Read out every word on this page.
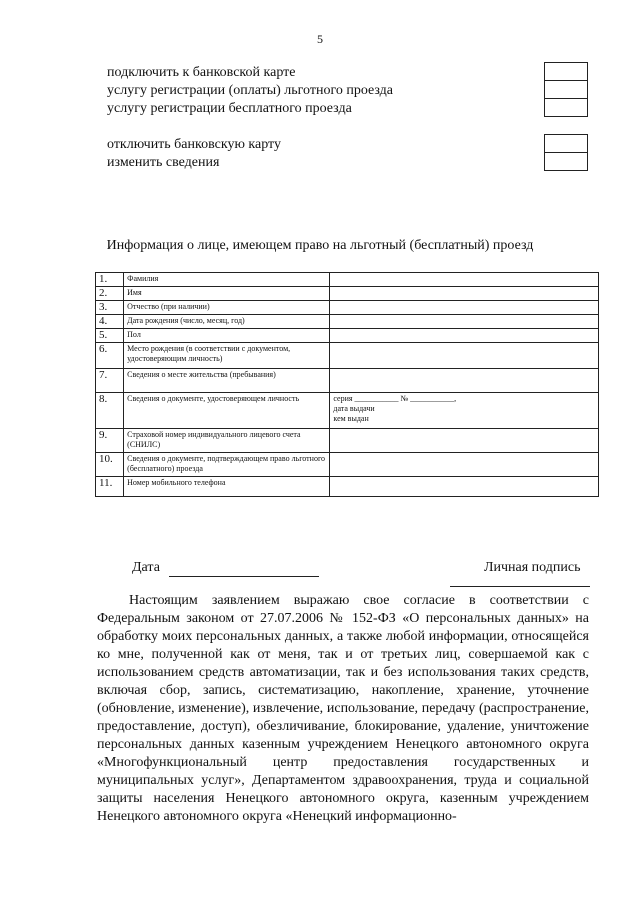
5
подключить к банковской карте
услугу регистрации (оплаты) льготного проезда
услугу регистрации бесплатного проезда
отключить банковскую карту
изменить сведения
Информация о лице, имеющем право на льготный (бесплатный) проезд
1.	Фамилия	
2.	Имя	
3.	Отчество (при наличии)	
4.	Дата рождения (число, месяц, год)	
5.	Пол	
6.	Место рождения (в соответствии с документом, удостоверяющим личность)	
7.	Сведения о месте жительства (пребывания)	
8.	Сведения о документе, удостоверяющем личность	серия ___________ № ___________,
дата выдачи
кем выдан

9.	Страховой номер индивидуального лицевого счета (СНИЛС)	
10.	Сведения о документе, подтверждающем право льготного (бесплатного) проезда	
11.	Номер мобильного телефона	
Дата	Личная подпись

Настоящим заявлением выражаю свое согласие в соответствии с Федеральным законом от 27.07.2006 № 152-ФЗ «О персональных данных» на обработку моих персональных данных, а также любой информации, относящейся ко мне, полученной как от меня, так и от третьих лиц, совершаемой как с использованием средств автоматизации, так и без использования таких средств, включая сбор, запись, систематизацию, накопление, хранение, уточнение (обновление, изменение), извлечение, использование, передачу (распространение, предоставление, доступ), обезличивание, блокирование, удаление, уничтожение персональных данных казенным учреждением Ненецкого автономного округа «Многофункциональный центр предоставления государственных и муниципальных услуг», Департаментом здравоохранения, труда и социальной защиты населения Ненецкого автономного округа, казенным учреждением Ненецкого автономного округа «Ненецкий информационно-
